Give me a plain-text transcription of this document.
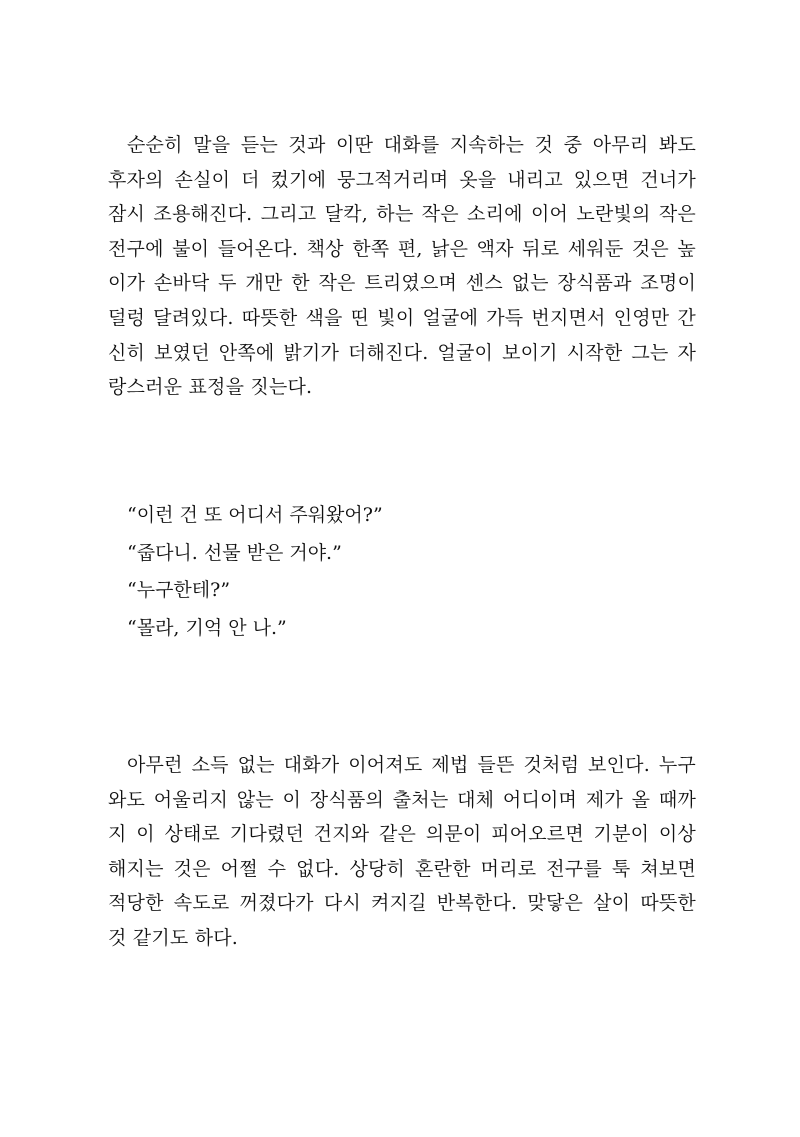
순순히 말을 듣는 것과 이딴 대화를 지속하는 것 중 아무리 봐도
후자의 손실이 더 컸기에 뭉그적거리며 옷을 내리고 있으면 건너가
잠시 조용해진다. 그리고 달칵, 하는 작은 소리에 이어 노란빛의 작은
전구에 불이 들어온다. 책상 한쪽 편, 낡은 액자 뒤로 세워둔 것은 높
이가 손바닥 두 개만 한 작은 트리였으며 센스 없는 장식품과 조명이
덜렁 달려있다. 따뜻한 색을 띤 빛이 얼굴에 가득 번지면서 인영만 간
신히 보였던 안쪽에 밝기가 더해진다. 얼굴이 보이기 시작한 그는 자
랑스러운 표정을 짓는다.
“이런 건 또 어디서 주워왔어?”
“줍다니. 선물 받은 거야.”
“누구한테?”
“몰라, 기억 안 나.”
아무런 소득 없는 대화가 이어져도 제법 들뜬 것처럼 보인다. 누구
와도 어울리지 않는 이 장식품의 출처는 대체 어디이며 제가 올 때까
지 이 상태로 기다렸던 건지와 같은 의문이 피어오르면 기분이 이상
해지는 것은 어쩔 수 없다. 상당히 혼란한 머리로 전구를 툭 쳐보면
적당한 속도로 꺼졌다가 다시 켜지길 반복한다. 맞닿은 살이 따뜻한
것 같기도 하다.
